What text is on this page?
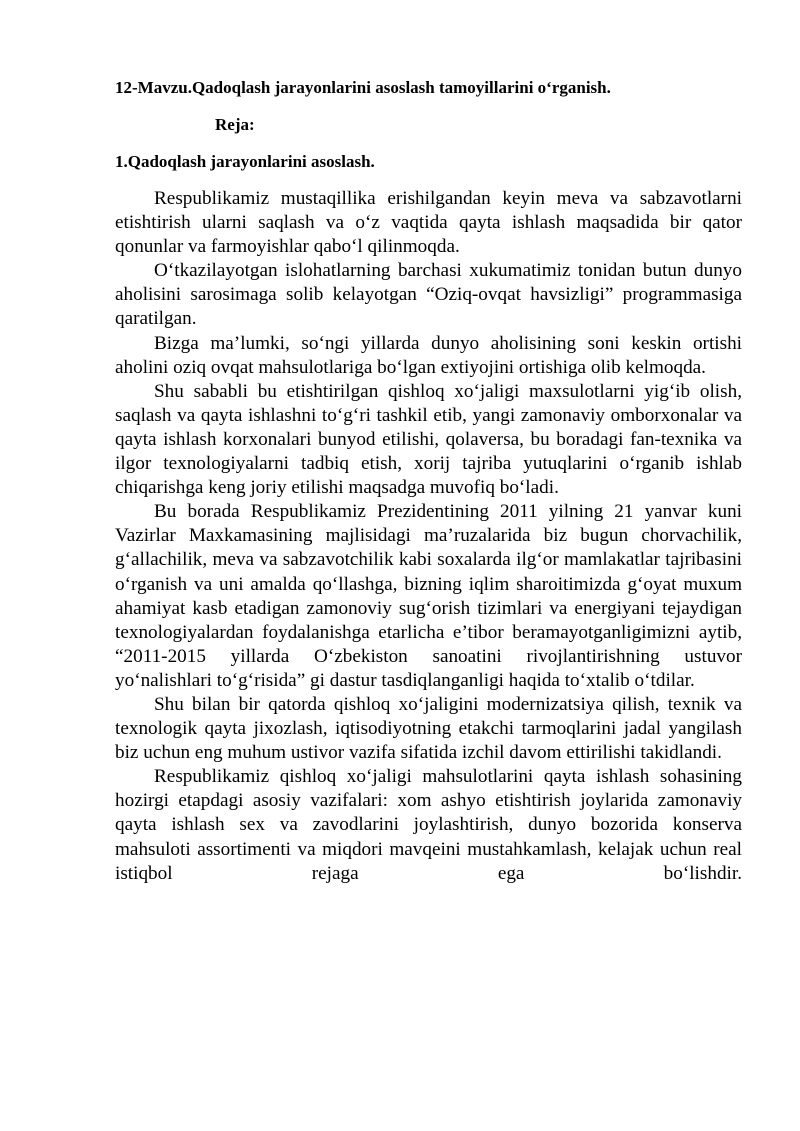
12-Mavzu.Qadoqlash jarayonlarini asoslash tamoyillarini o‘rganish.
Reja:
1.Qadoqlash jarayonlarini asoslash.

Respublikamiz mustaqillika erishilgandan keyin meva va sabzavotlarni etishtirish ularni saqlash va o‘z vaqtida qayta ishlash maqsadida bir qator qonunlar va farmoyishlar qabo‘l qilinmoqda.

O‘tkazilayotgan islohatlarning barchasi xukumatimiz tonidan butun dunyo aholisini sarosimaga solib kelayotgan “Oziq-ovqat havsizligi” programmasiga qaratilgan.

Bizga ma’lumki, so‘ngi yillarda dunyo aholisining soni keskin ortishi aholini oziq ovqat mahsulotlariga bo‘lgan extiyojini ortishiga olib kelmoqda.

Shu sababli bu etishtirilgan qishloq xo‘jaligi maxsulotlarni yig‘ib olish, saqlash va qayta ishlashni to‘g‘ri tashkil etib, yangi zamonaviy omborxonalar va qayta ishlash korxonalari bunyod etilishi, qolaversa, bu boradagi fan-texnika va ilgor texnologiyalarni tadbiq etish, xorij tajriba yutuqlarini o‘rganib ishlab chiqarishga keng joriy etilishi maqsadga muvofiq bo‘ladi.

Bu borada Respublikamiz Prezidentining 2011 yilning 21 yanvar kuni Vazirlar Maxkamasining majlisidagi ma’ruzalarida biz bugun chorvachilik, g‘allachilik, meva va sabzavotchilik kabi soxalarda ilg‘or mamlakatlar tajribasini o‘rganish va uni amalda qo‘llashga, bizning iqlim sharoitimizda g‘oyat muxum ahamiyat kasb etadigan zamonoviy sug‘orish tizimlari va energiyani tejaydigan texnologiyalardan foydalanishga etarlicha e’tibor beramayotganligimizni aytib, “2011-2015 yillarda O‘zbekiston sanoatini rivojlantirishning ustuvor yo‘nalishlari to‘g‘risida” gi dastur tasdiqlanganligi haqida to‘xtalib o‘tdilar.

Shu bilan bir qatorda qishloq xo‘jaligini modernizatsiya qilish, texnik va texnologik qayta jixozlash, iqtisodiyotning etakchi tarmoqlarini jadal yangilash biz uchun eng muhum ustivor vazifa sifatida izchil davom ettirilishi takidlandi.

Respublikamiz qishloq xo‘jaligi mahsulotlarini qayta ishlash sohasining hozirgi etapdagi asosiy vazifalari: xom ashyo etishtirish joylarida zamonaviy qayta ishlash sex va zavodlarini joylashtirish, dunyo bozorida konserva mahsuloti assortimenti va miqdori mavqeini mustahkamlash, kelajak uchun real istiqbol rejaga ega bo‘lishdir.
